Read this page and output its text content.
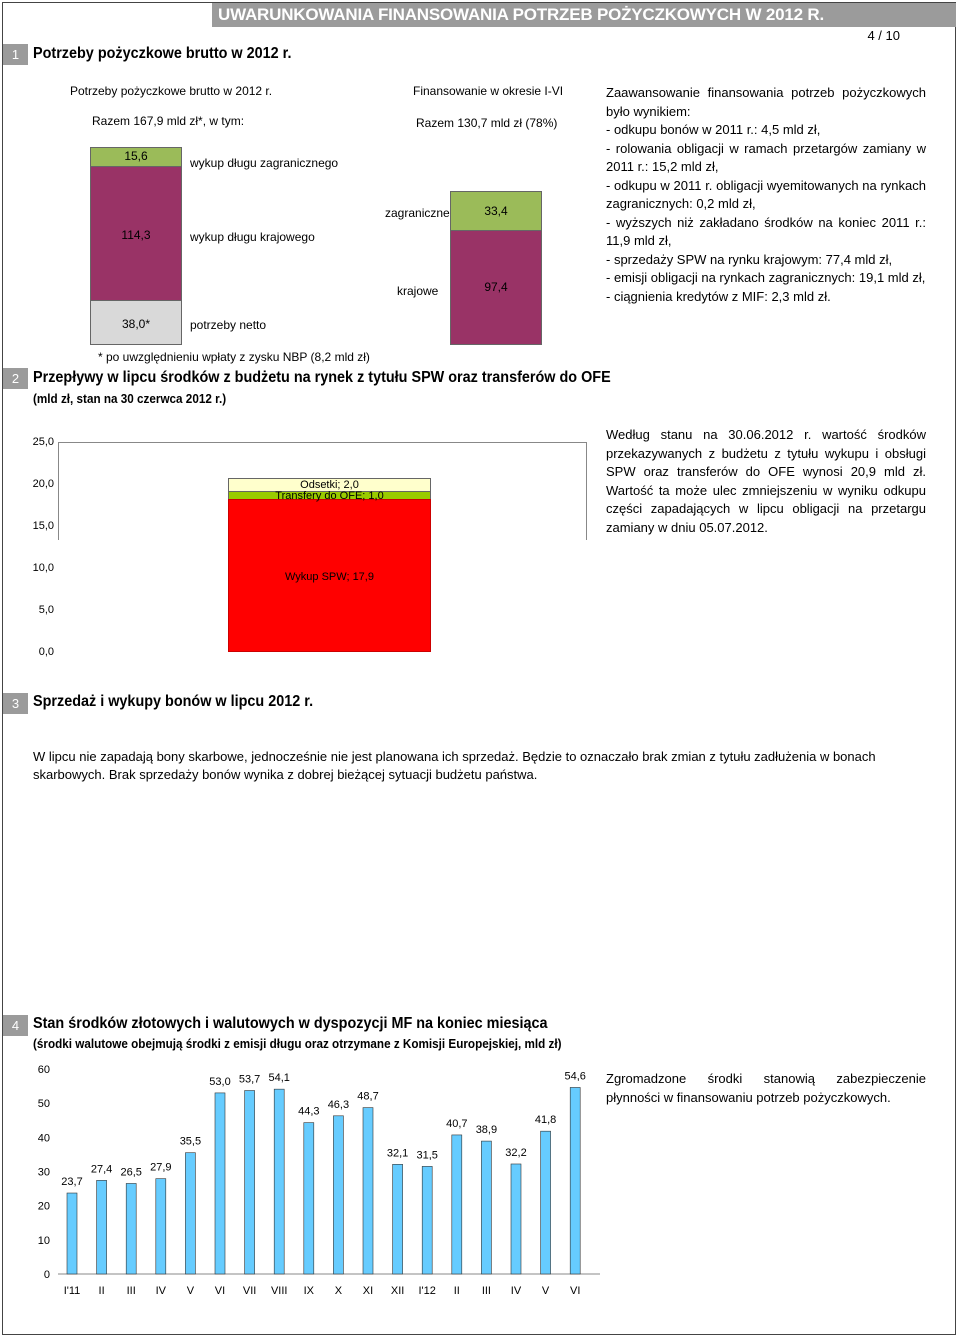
UWARUNKOWANIA FINANSOWANIA POTRZEB POŻYCZKOWYCH W 2012 R.
4 / 10
1 Potrzeby pożyczkowe brutto w 2012 r.
Potrzeby pożyczkowe brutto w 2012 r.
Razem 167,9 mld zł*, w tym:
Finansowanie w okresie I-VI
Razem 130,7 mld zł (78%)
15,6
114,3
38,0*
wykup długu zagranicznego
wykup długu krajowego
potrzeby netto
33,4
97,4
zagraniczne
krajowe
* po uwzględnieniu wpłaty z zysku NBP (8,2 mld zł)
Zaawansowanie finansowania potrzeb pożyczkowych było wynikiem:
- odkupu bonów w 2011 r.: 4,5 mld zł,
- rolowania obligacji w ramach przetargów zamiany w 2011 r.: 15,2 mld zł,
- odkupu w 2011 r. obligacji wyemitowanych na rynkach zagranicznych: 0,2 mld zł,
- wyższych niż zakładano środków na koniec 2011 r.: 11,9 mld zł,
- sprzedaży SPW na rynku krajowym: 77,4 mld zł,
- emisji obligacji na rynkach zagranicznych: 19,1 mld zł,
- ciągnienia kredytów z MIF: 2,3 mld zł.
2 Przepływy w lipcu środków z budżetu na rynek z tytułu SPW oraz transferów do OFE
(mld zł, stan na 30 czerwca 2012 r.)
25,0
20,0
15,0
10,0
5,0
0,0
Odsetki; 2,0
Transfery do OFE; 1,0
Wykup SPW; 17,9
Według stanu na 30.06.2012 r. wartość środków przekazywanych z budżetu z tytułu wykupu i obsługi SPW oraz transferów do OFE wynosi 20,9 mld zł. Wartość ta może ulec zmniejszeniu w wyniku odkupu części zapadających w lipcu obligacji na przetargu zamiany w dniu 05.07.2012.
3 Sprzedaż i wykupy bonów w lipcu 2012 r.
W lipcu nie zapadają bony skarbowe, jednocześnie nie jest planowana ich sprzedaż. Będzie to oznaczało brak zmian z tytułu zadłużenia w bonach skarbowych. Brak sprzedaży bonów wynika z dobrej bieżącej sytuacji budżetu państwa.
4 Stan środków złotowych i walutowych w dyspozycji MF na koniec miesiąca
(środki walutowe obejmują środki z emisji długu oraz otrzymane z Komisji Europejskiej, mld zł)
0
10
20
30
40
50
60
23,7
I'11
27,4
II
26,5
III
27,9
IV
35,5
V
53,0
VI
53,7
VII
54,1
VIII
44,3
IX
46,3
X
48,7
XI
32,1
XII
31,5
I'12
40,7
II
38,9
III
32,2
IV
41,8
V
54,6
VI
Zgromadzone środki stanowią zabezpieczenie płynności w finansowaniu potrzeb pożyczkowych.
